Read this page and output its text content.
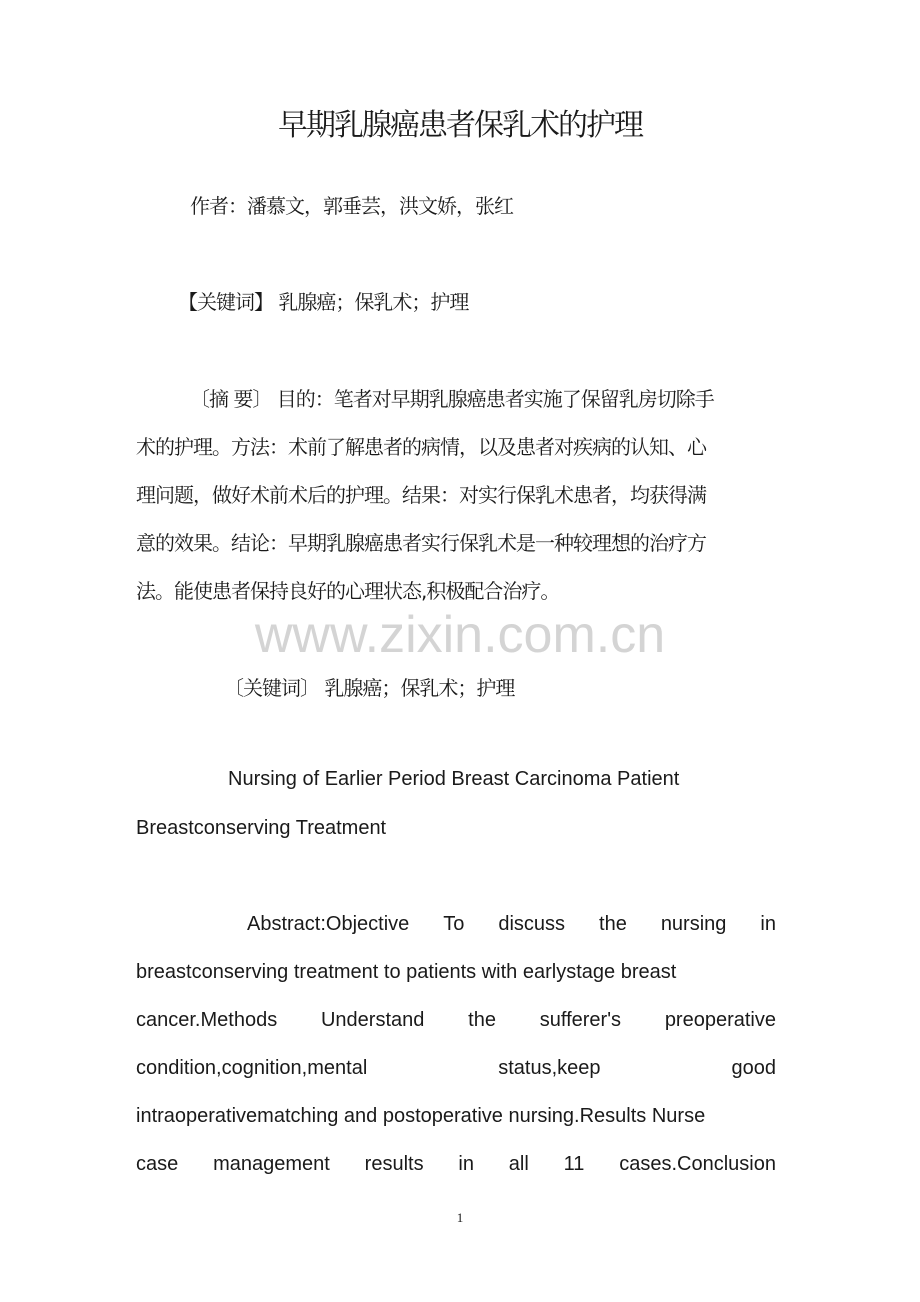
早期乳腺癌患者保乳术的护理
作者：潘慕文，郭垂芸，洪文娇，张红
【关键词】 乳腺癌；保乳术；护理
〔摘 要〕 目的：笔者对早期乳腺癌患者实施了保留乳房切除手
术的护理。方法：术前了解患者的病情，以及患者对疾病的认知、心
理问题，做好术前术后的护理。结果：对实行保乳术患者，均获得满
意的效果。结论：早期乳腺癌患者实行保乳术是一种较理想的治疗方
法。能使患者保持良好的心理状态,积极配合治疗。
www.zixin.com.cn
〔关键词〕 乳腺癌；保乳术；护理
Nursing of Earlier Period Breast Carcinoma Patient
Breastconserving Treatment
Abstract:Objective To discuss the nursing in
breastconserving treatment to patients with earlystage breast
cancer.Methods Understand the sufferer's preoperative
condition,cognition,mental	status,keep	good
intraoperativematching and postoperative nursing.Results Nurse
case management results in all 11 cases.Conclusion
1
